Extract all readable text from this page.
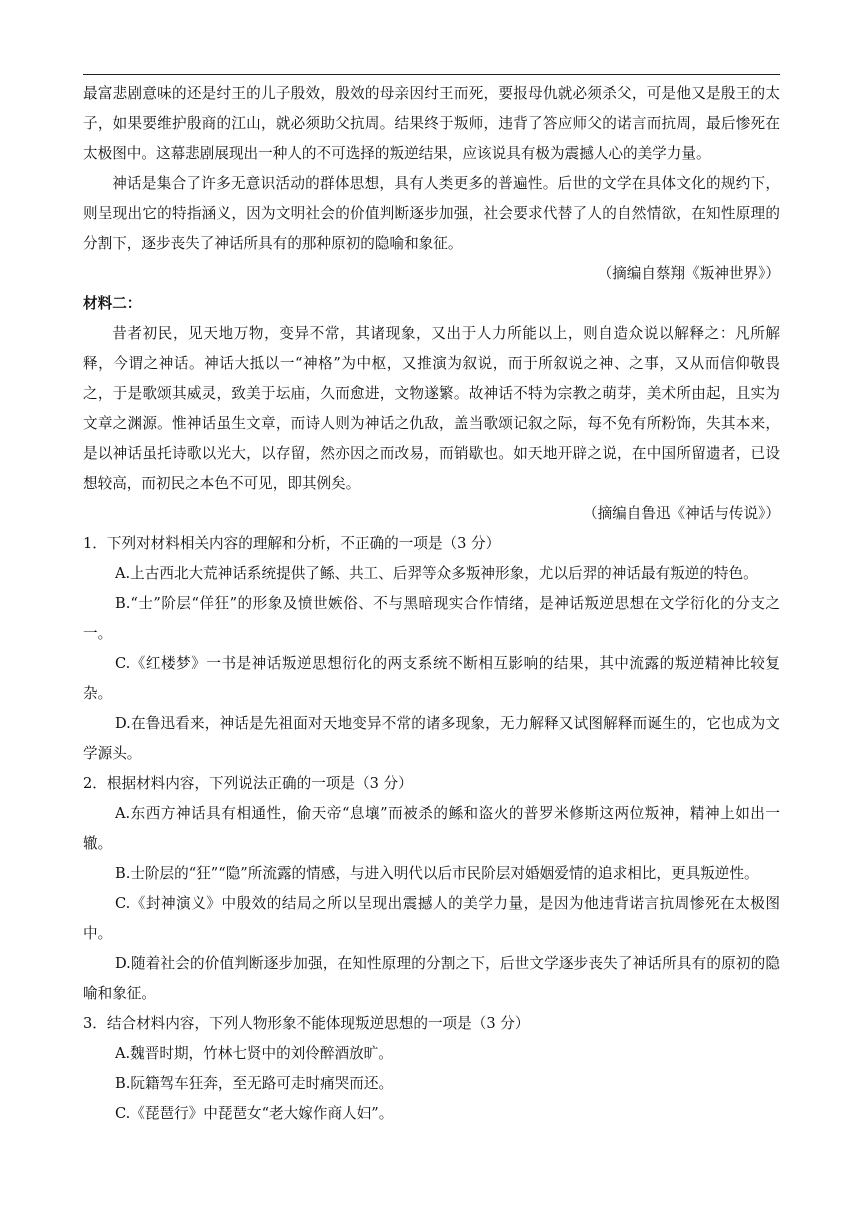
最富悲剧意味的还是纣王的儿子殷效，殷效的母亲因纣王而死，要报母仇就必须杀父，可是他又是殷王的太子，如果要维护殷商的江山，就必须助父抗周。结果终于叛师，违背了答应师父的诺言而抗周，最后惨死在太极图中。这幕悲剧展现出一种人的不可选择的叛逆结果，应该说具有极为震撼人心的美学力量。

神话是集合了许多无意识活动的群体思想，具有人类更多的普遍性。后世的文学在具体文化的规约下，则呈现出它的特指涵义，因为文明社会的价值判断逐步加强，社会要求代替了人的自然情欲，在知性原理的分割下，逐步丧失了神话所具有的那种原初的隐喻和象征。

（摘编自蔡翔《叛神世界》）

材料二：

昔者初民，见天地万物，变异不常，其诸现象，又出于人力所能以上，则自造众说以解释之：凡所解释，今谓之神话。神话大抵以一“神格”为中枢，又推演为叙说，而于所叙说之神、之事，又从而信仰敬畏之，于是歌颂其威灵，致美于坛庙，久而愈进，文物遂繁。故神话不特为宗教之萌芽，美术所由起，且实为文章之渊源。惟神话虽生文章，而诗人则为神话之仇敌，盖当歌颂记叙之际，每不免有所粉饰，失其本来，是以神话虽托诗歌以光大，以存留，然亦因之而改易，而销歇也。如天地开辟之说，在中国所留遗者，已设想较高，而初民之本色不可见，即其例矣。

（摘编自鲁迅《神话与传说》）

1．下列对材料相关内容的理解和分析，不正确的一项是（3 分）

A.上古西北大荒神话系统提供了鲧、共工、后羿等众多叛神形象，尤以后羿的神话最有叛逆的特色。

B.“士”阶层“佯狂”的形象及愤世嫉俗、不与黑暗现实合作情绪，是神话叛逆思想在文学衍化的分支之一。

C.《红楼梦》一书是神话叛逆思想衍化的两支系统不断相互影响的结果，其中流露的叛逆精神比较复杂。

D.在鲁迅看来，神话是先祖面对天地变异不常的诸多现象，无力解释又试图解释而诞生的，它也成为文学源头。

2．根据材料内容，下列说法正确的一项是（3 分）

A.东西方神话具有相通性，偷天帝“息壤”而被杀的鲧和盗火的普罗米修斯这两位叛神，精神上如出一辙。

B.士阶层的“狂”“隐”所流露的情感，与进入明代以后市民阶层对婚姻爱情的追求相比，更具叛逆性。

C.《封神演义》中殷效的结局之所以呈现出震撼人的美学力量，是因为他违背诺言抗周惨死在太极图中。

D.随着社会的价值判断逐步加强，在知性原理的分割之下，后世文学逐步丧失了神话所具有的原初的隐喻和象征。

3．结合材料内容，下列人物形象不能体现叛逆思想的一项是（3 分）

A.魏晋时期，竹林七贤中的刘伶醉酒放旷。

B.阮籍驾车狂奔，至无路可走时痛哭而还。

C.《琵琶行》中琵琶女“老大嫁作商人妇”。
